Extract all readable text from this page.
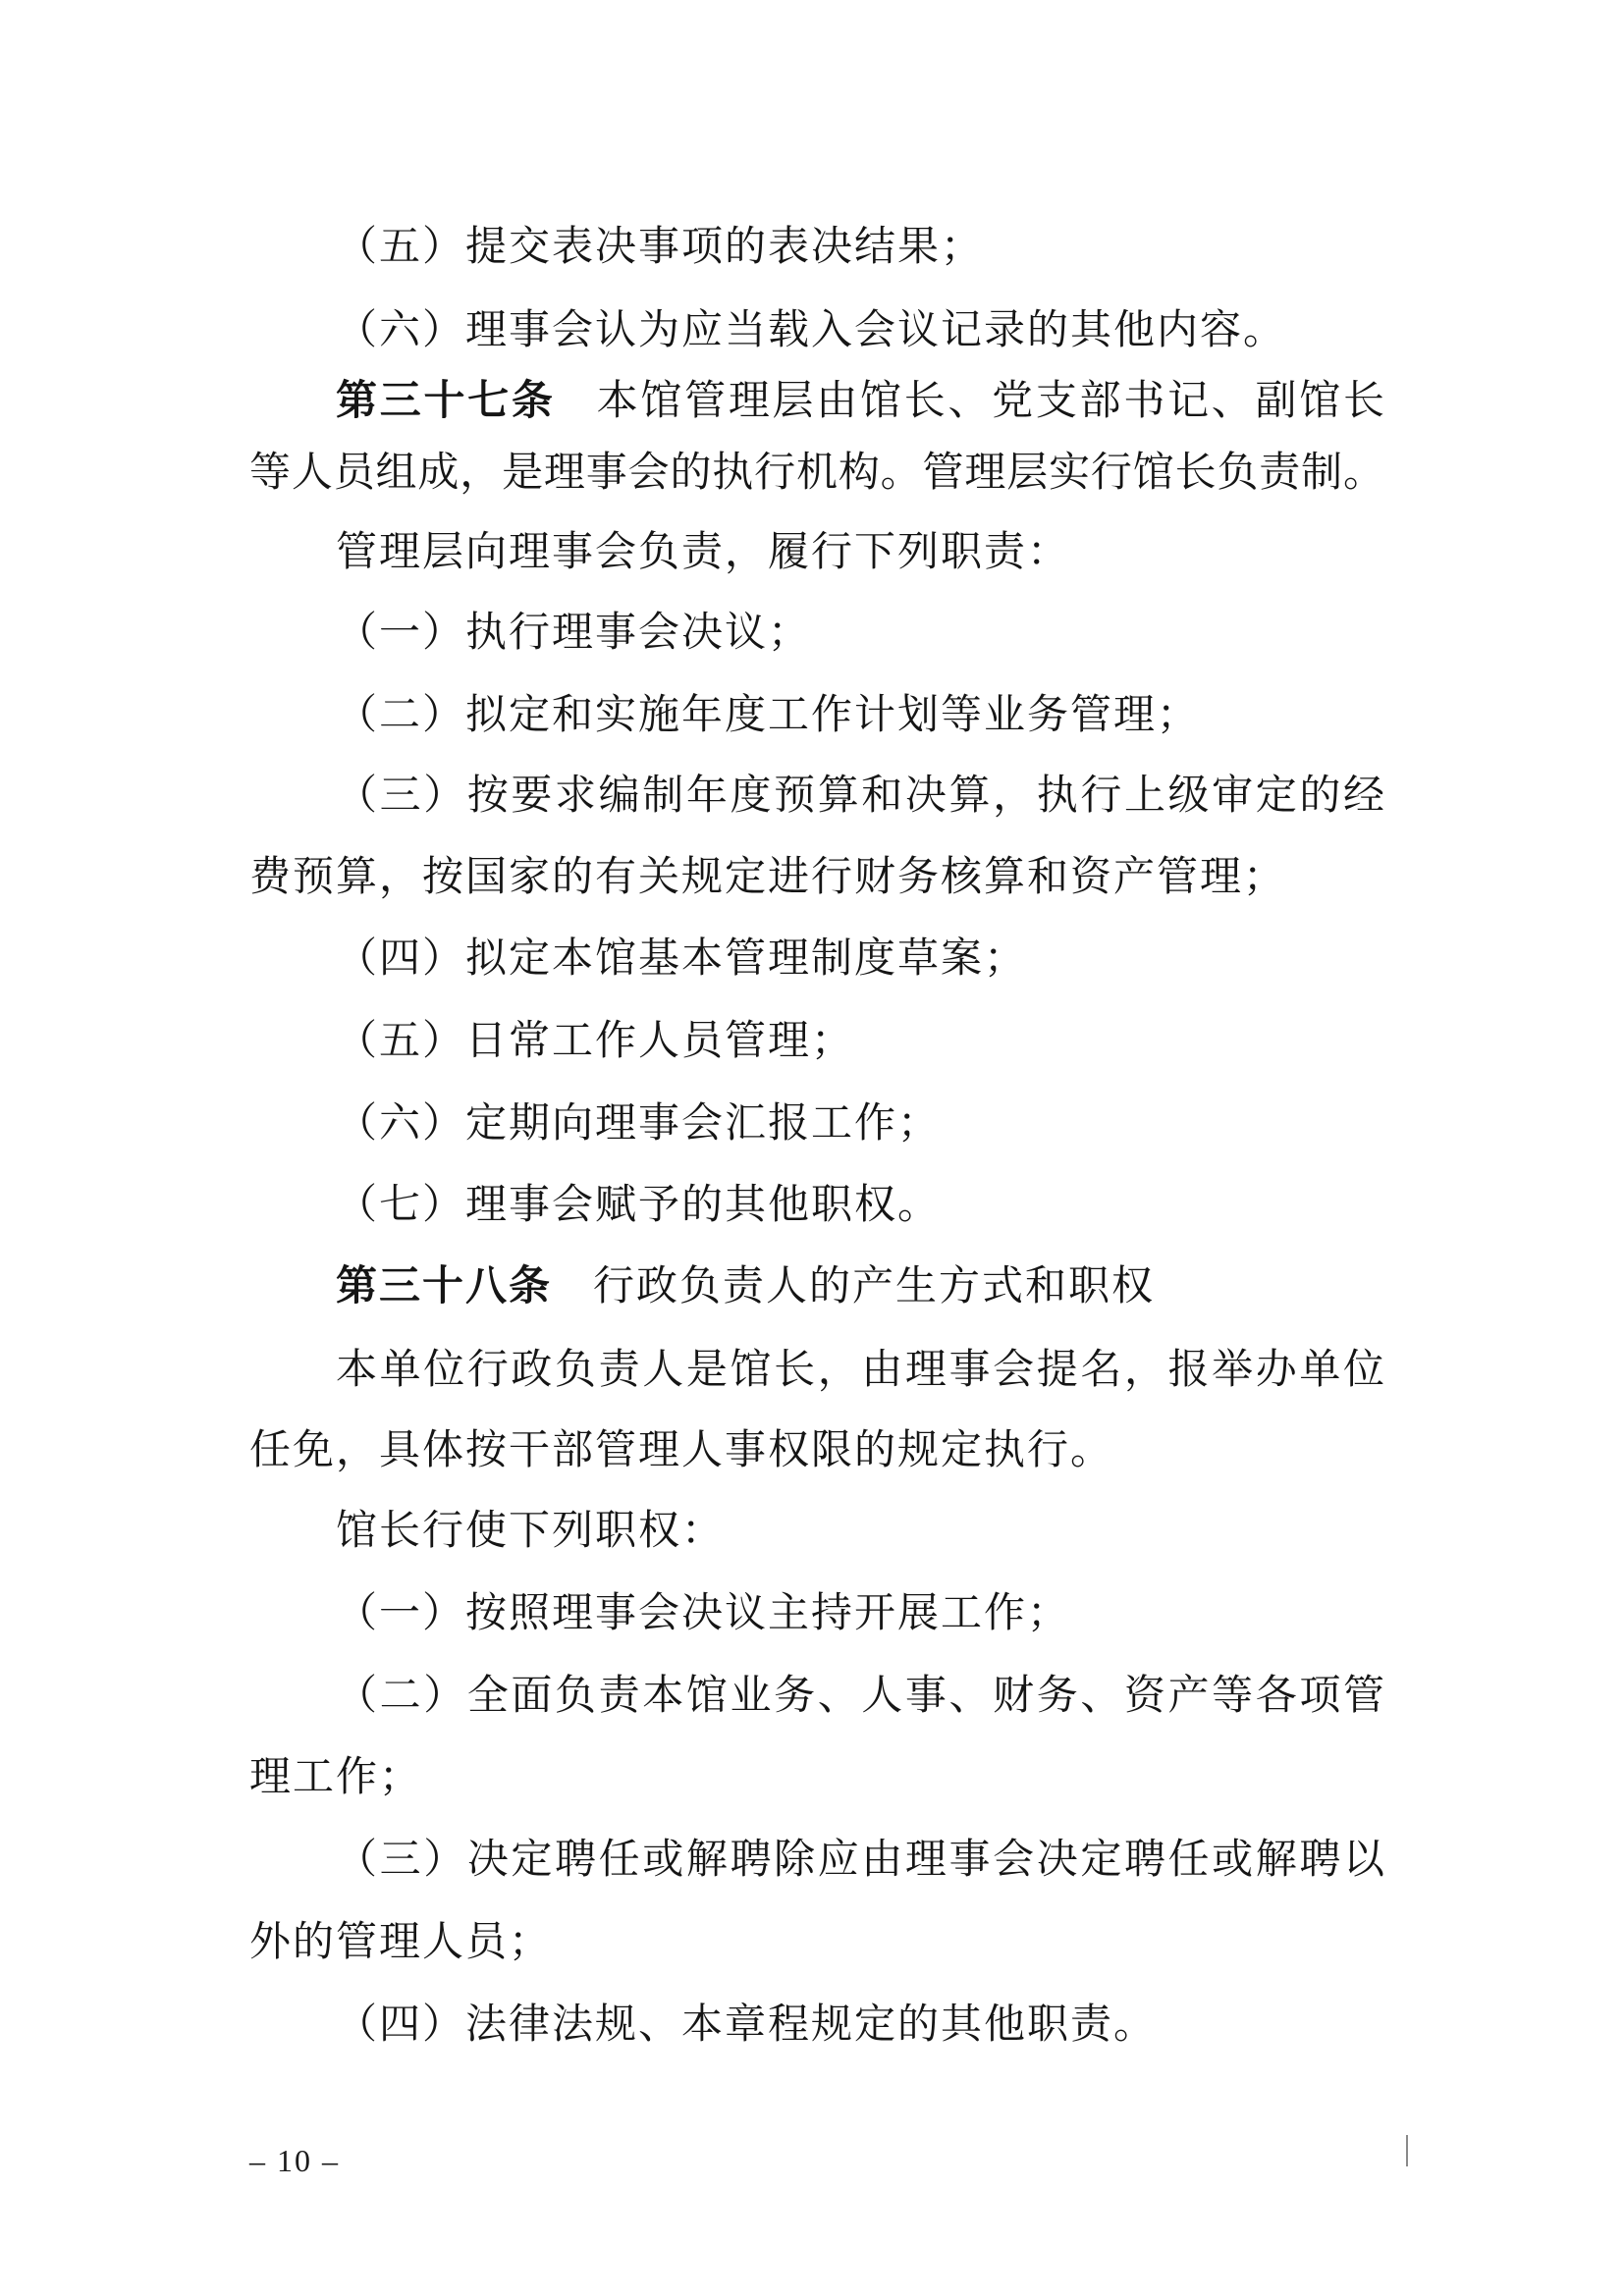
（五）提交表决事项的表决结果；
（六）理事会认为应当载入会议记录的其他内容。
第三十七条 本馆管理层由馆长、党支部书记、副馆长
等人员组成，是理事会的执行机构。管理层实行馆长负责制。
管理层向理事会负责，履行下列职责：
（一）执行理事会决议；
（二）拟定和实施年度工作计划等业务管理；
（三）按要求编制年度预算和决算，执行上级审定的经
费预算，按国家的有关规定进行财务核算和资产管理；
（四）拟定本馆基本管理制度草案；
（五）日常工作人员管理；
（六）定期向理事会汇报工作；
（七）理事会赋予的其他职权。
第三十八条 行政负责人的产生方式和职权
本单位行政负责人是馆长，由理事会提名，报举办单位
任免，具体按干部管理人事权限的规定执行。
馆长行使下列职权：
（一）按照理事会决议主持开展工作；
（二）全面负责本馆业务、人事、财务、资产等各项管
理工作；
（三）决定聘任或解聘除应由理事会决定聘任或解聘以
外的管理人员；
（四）法律法规、本章程规定的其他职责。
– 10 –
